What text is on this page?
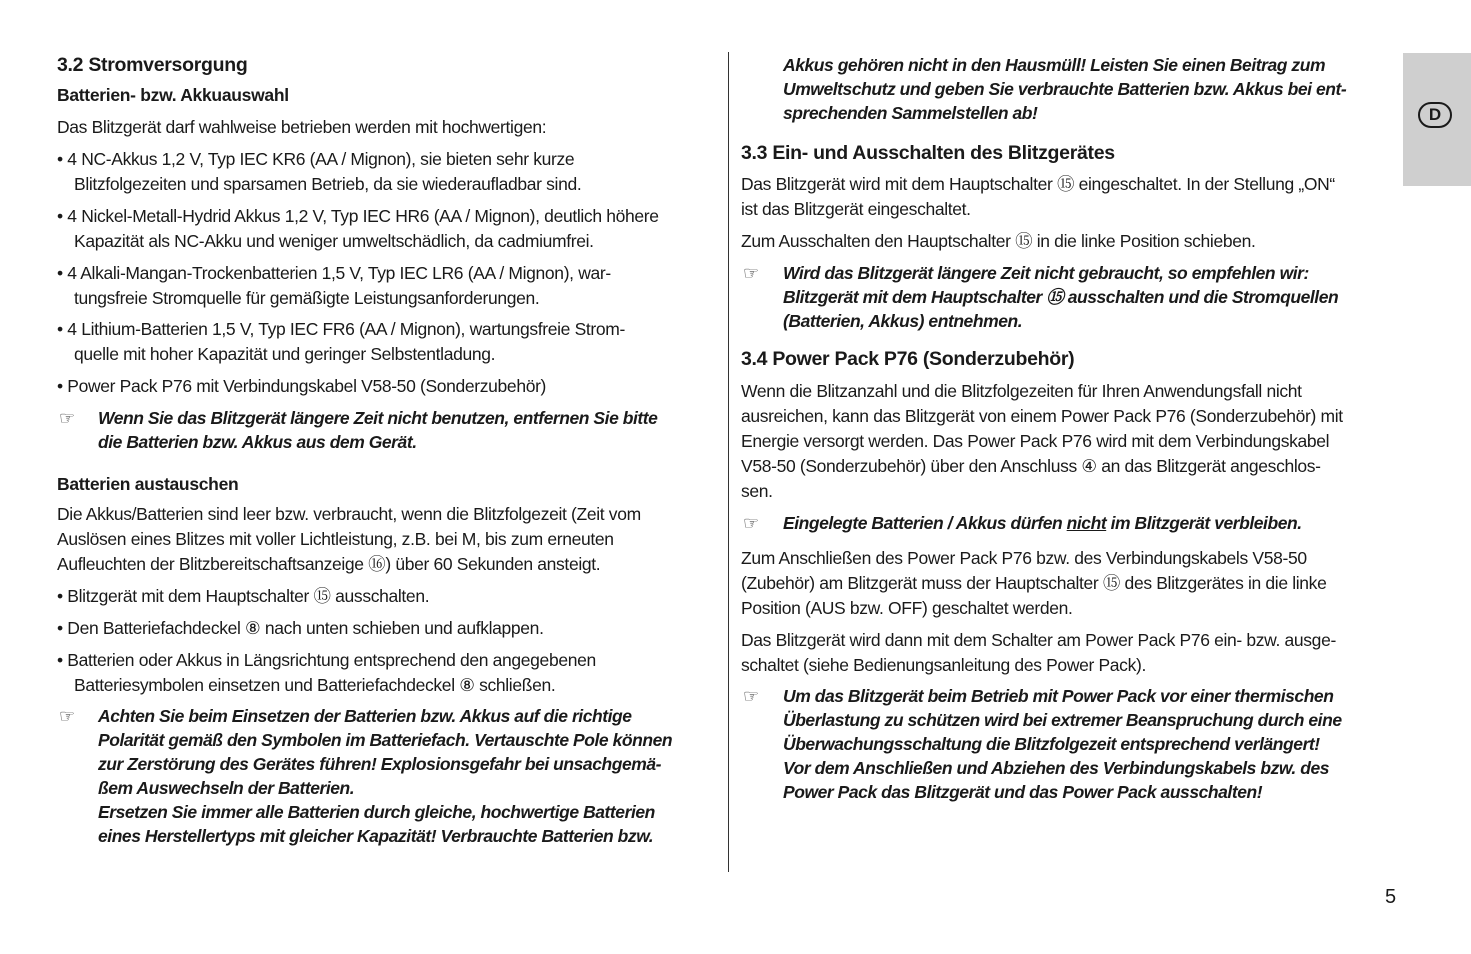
D
5
3.2 Stromversorgung
Batterien- bzw. Akkuauswahl
Das Blitzgerät darf wahlweise betrieben werden mit hochwertigen:
• 4 NC-Akkus 1,2 V, Typ IEC KR6 (AA / Mignon), sie bieten sehr kurze
Blitzfolgezeiten und sparsamen Betrieb, da sie wiederaufladbar sind.
• 4 Nickel-Metall-Hydrid Akkus 1,2 V, Typ IEC HR6 (AA / Mignon), deutlich höhere
Kapazität als NC-Akku und weniger umweltschädlich, da cadmiumfrei.
• 4 Alkali-Mangan-Trockenbatterien 1,5 V, Typ IEC LR6 (AA / Mignon), war-
tungsfreie Stromquelle für gemäßigte Leistungsanforderungen.
• 4 Lithium-Batterien 1,5 V, Typ IEC FR6 (AA / Mignon), wartungsfreie Strom-
quelle mit hoher Kapazität und geringer Selbstentladung.
• Power Pack P76 mit Verbindungskabel V58-50 (Sonderzubehör)
☞ Wenn Sie das Blitzgerät längere Zeit nicht benutzen, entfernen Sie bitte
die Batterien bzw. Akkus aus dem Gerät.
Batterien austauschen
Die Akkus/Batterien sind leer bzw. verbraucht, wenn die Blitzfolgezeit (Zeit vom
Auslösen eines Blitzes mit voller Lichtleistung, z.B. bei M, bis zum erneuten
Aufleuchten der Blitzbereitschaftsanzeige ⑯) über 60 Sekunden ansteigt.
• Blitzgerät mit dem Hauptschalter ⑮ ausschalten.
• Den Batteriefachdeckel ⑧ nach unten schieben und aufklappen.
• Batterien oder Akkus in Längsrichtung entsprechend den angegebenen
Batteriesymbolen einsetzen und Batteriefachdeckel ⑧ schließen.
☞ Achten Sie beim Einsetzen der Batterien bzw. Akkus auf die richtige
Polarität gemäß den Symbolen im Batteriefach. Vertauschte Pole können
zur Zerstörung des Gerätes führen! Explosionsgefahr bei unsachgemä-
ßem Auswechseln der Batterien.
Ersetzen Sie immer alle Batterien durch gleiche, hochwertige Batterien
eines Herstellertyps mit gleicher Kapazität! Verbrauchte Batterien bzw.
Akkus gehören nicht in den Hausmüll! Leisten Sie einen Beitrag zum
Umweltschutz und geben Sie verbrauchte Batterien bzw. Akkus bei ent-
sprechenden Sammelstellen ab!
3.3 Ein- und Ausschalten des Blitzgerätes
Das Blitzgerät wird mit dem Hauptschalter ⑮ eingeschaltet. In der Stellung „ON“
ist das Blitzgerät eingeschaltet.
Zum Ausschalten den Hauptschalter ⑮ in die linke Position schieben.
☞ Wird das Blitzgerät längere Zeit nicht gebraucht, so empfehlen wir:
Blitzgerät mit dem Hauptschalter ⑮ ausschalten und die Stromquellen
(Batterien, Akkus) entnehmen.
3.4 Power Pack P76 (Sonderzubehör)
Wenn die Blitzanzahl und die Blitzfolgezeiten für Ihren Anwendungsfall nicht
ausreichen, kann das Blitzgerät von einem Power Pack P76 (Sonderzubehör) mit
Energie versorgt werden. Das Power Pack P76 wird mit dem Verbindungskabel
V58-50 (Sonderzubehör) über den Anschluss ④ an das Blitzgerät angeschlos-
sen.
☞ Eingelegte Batterien / Akkus dürfen nicht im Blitzgerät verbleiben.
Zum Anschließen des Power Pack P76 bzw. des Verbindungskabels V58-50
(Zubehör) am Blitzgerät muss der Hauptschalter ⑮ des Blitzgerätes in die linke
Position (AUS bzw. OFF) geschaltet werden.
Das Blitzgerät wird dann mit dem Schalter am Power Pack P76 ein- bzw. ausge-
schaltet (siehe Bedienungsanleitung des Power Pack).
☞ Um das Blitzgerät beim Betrieb mit Power Pack vor einer thermischen
Überlastung zu schützen wird bei extremer Beanspruchung durch eine
Überwachungsschaltung die Blitzfolgezeit entsprechend verlängert!
Vor dem Anschließen und Abziehen des Verbindungskabels bzw. des
Power Pack das Blitzgerät und das Power Pack ausschalten!
